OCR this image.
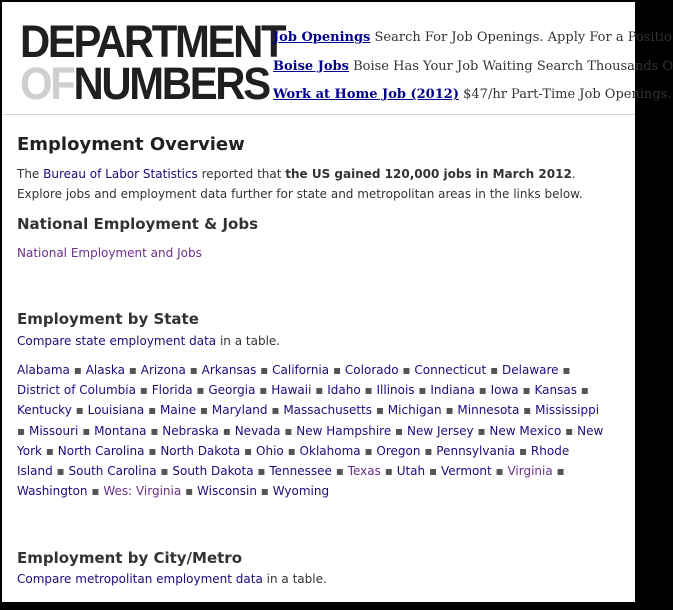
DEPARTMENT
OFNUMBERS
Job Openings Search For Job Openings. Apply For a Positio
Boise Jobs Boise Has Your Job Waiting Search Thousands O
Work at Home Job (2012) $47/hr Part-Time Job Openings.
Employment Overview

The Bureau of Labor Statistics reported that the US gained 120,000 jobs in March 2012. Explore jobs and employment data further for state and metropolitan areas in the links below.

National Employment & Jobs

National Employment and Jobs

Employment by State

Compare state employment data in a table.

Alabama ▪ Alaska ▪ Arizona ▪ Arkansas ▪ California ▪ Colorado ▪ Connecticut ▪ Delaware ▪ District of Columbia ▪ Florida ▪ Georgia ▪ Hawaii ▪ Idaho ▪ Illinois ▪ Indiana ▪ Iowa ▪ Kansas ▪ Kentucky ▪ Louisiana ▪ Maine ▪ Maryland ▪ Massachusetts ▪ Michigan ▪ Minnesota ▪ Mississippi ▪ Missouri ▪ Montana ▪ Nebraska ▪ Nevada ▪ New Hampshire ▪ New Jersey ▪ New Mexico ▪ New York ▪ North Carolina ▪ North Dakota ▪ Ohio ▪ Oklahoma ▪ Oregon ▪ Pennsylvania ▪ Rhode Island ▪ South Carolina ▪ South Dakota ▪ Tennessee ▪ Texas ▪ Utah ▪ Vermont ▪ Virginia ▪ Washington ▪ Wes: Virginia ▪ Wisconsin ▪ Wyoming

Employment by City/Metro

Compare metropolitan employment data in a table.
